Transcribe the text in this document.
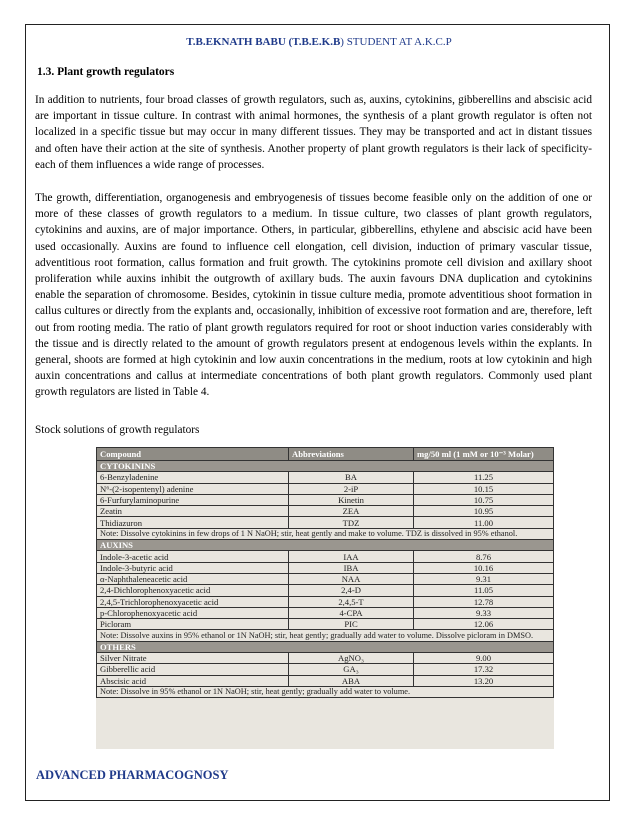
T.B.EKNATH BABU (T.B.E.K.B) STUDENT AT A.K.C.P
1.3. Plant growth regulators

In addition to nutrients, four broad classes of growth regulators, such as, auxins, cytokinins, gibberellins and abscisic acid are important in tissue culture. In contrast with animal hormones, the synthesis of a plant growth regulator is often not localized in a specific tissue but may occur in many different tissues. They may be transported and act in distant tissues and often have their action at the site of synthesis. Another property of plant growth regulators is their lack of specificity- each of them influences a wide range of processes.

The growth, differentiation, organogenesis and embryogenesis of tissues become feasible only on the addition of one or more of these classes of growth regulators to a medium. In tissue culture, two classes of plant growth regulators, cytokinins and auxins, are of major importance. Others, in particular, gibberellins, ethylene and abscisic acid have been used occasionally. Auxins are found to influence cell elongation, cell division, induction of primary vascular tissue, adventitious root formation, callus formation and fruit growth. The cytokinins promote cell division and axillary shoot proliferation while auxins inhibit the outgrowth of axillary buds. The auxin favours DNA duplication and cytokinins enable the separation of chromosome. Besides, cytokinin in tissue culture media, promote adventitious shoot formation in callus cultures or directly from the explants and, occasionally, inhibition of excessive root formation and are, therefore, left out from rooting media. The ratio of plant growth regulators required for root or shoot induction varies considerably with the tissue and is directly related to the amount of growth regulators present at endogenous levels within the explants. In general, shoots are formed at high cytokinin and low auxin concentrations in the medium, roots at low cytokinin and high auxin concentrations and callus at intermediate concentrations of both plant growth regulators. Commonly used plant growth regulators are listed in Table 4.

Stock solutions of growth regulators
Compound	Abbreviations	mg/50 ml (1 mM or 10⁻³ Molar)
CYTOKININS		
6-Benzyladenine	BA	11.25
N⁶-(2-isopentenyl) adenine	2-iP	10.15
6-Furfurylaminopurine	Kinetin	10.75
Zeatin	ZEA	10.95
Thidiazuron	TDZ	11.00
Note: Dissolve cytokinins in few drops of 1 N NaOH; stir, heat gently and make to volume. TDZ is dissolved in 95% ethanol.		
AUXINS		
Indole-3-acetic acid	IAA	8.76
Indole-3-butyric acid	IBA	10.16
α-Naphthaleneacetic acid	NAA	9.31
2,4-Dichlorophenoxyacetic acid	2,4-D	11.05
2,4,5-Trichlorophenoxyacetic acid	2,4,5-T	12.78
p-Chlorophenoxyacetic acid	4-CPA	9.33
Picloram	PIC	12.06
Note: Dissolve auxins in 95% ethanol or 1N NaOH; stir, heat gently; gradually add water to volume. Dissolve picloram in DMSO.		
OTHERS		
Silver Nitrate	AgNO₃	9.00
Gibberellic acid	GA₃	17.32
Abscisic acid	ABA	13.20
Note: Dissolve in 95% ethanol or 1N NaOH; stir, heat gently; gradually add water to volume.		
ADVANCED PHARMACOGNOSY
